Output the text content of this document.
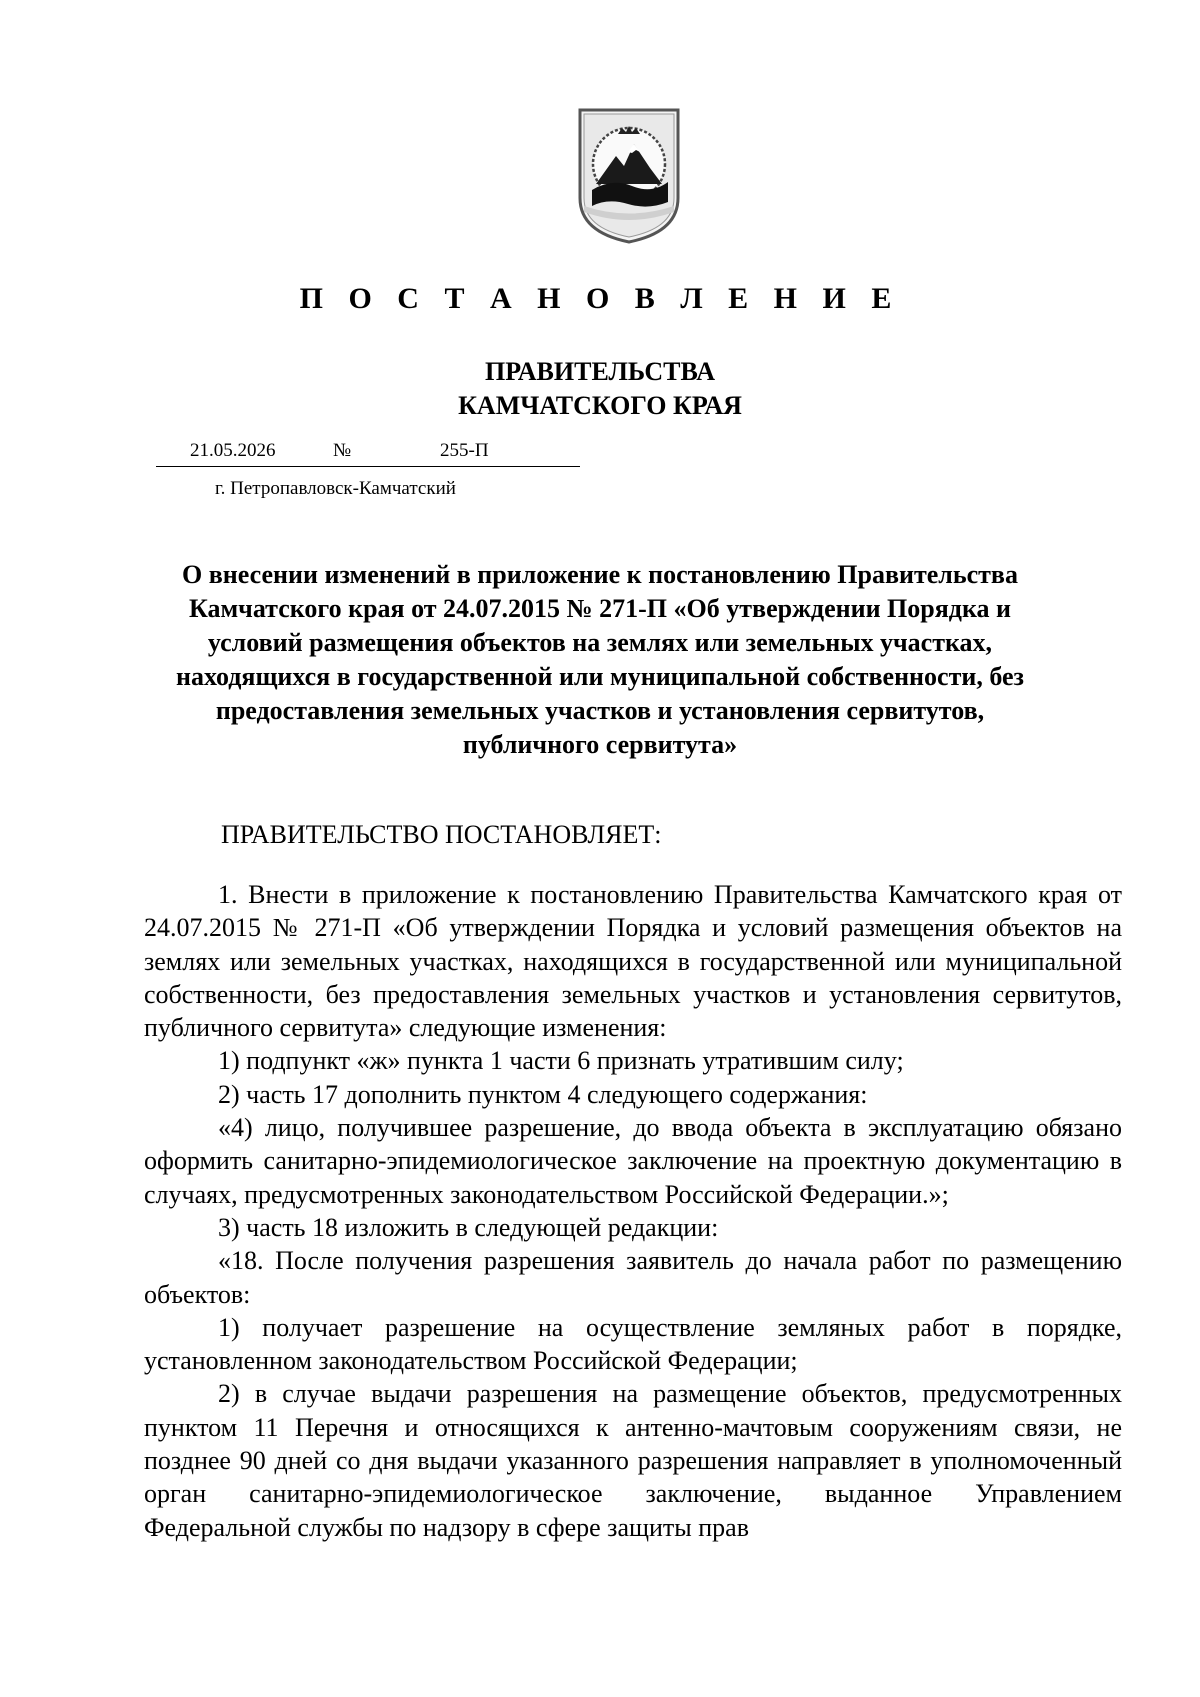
П О С Т А Н О В Л Е Н И Е
ПРАВИТЕЛЬСТВА
КАМЧАТСКОГО КРАЯ
21.05.2026	№	255-П
г. Петропавловск-Камчатский
О внесении изменений в приложение к постановлению Правительства
Камчатского края от 24.07.2015 № 271-П «Об утверждении Порядка и
условий размещения объектов на землях или земельных участках,
находящихся в государственной или муниципальной собственности, без
предоставления земельных участков и установления сервитутов,
публичного сервитута»

ПРАВИТЕЛЬСТВО ПОСТАНОВЛЯЕТ:

1. Внести в приложение к постановлению Правительства Камчатского края от 24.07.2015 № 271-П «Об утверждении Порядка и условий размещения объектов на землях или земельных участках, находящихся в государственной или муниципальной собственности, без предоставления земельных участков и установления сервитутов, публичного сервитута» следующие изменения:

1) подпункт «ж» пункта 1 части 6 признать утратившим силу;

2) часть 17 дополнить пунктом 4 следующего содержания:

«4) лицо, получившее разрешение, до ввода объекта в эксплуатацию обязано оформить санитарно-эпидемиологическое заключение на проектную документацию в случаях, предусмотренных законодательством Российской Федерации.»;

3) часть 18 изложить в следующей редакции:

«18. После получения разрешения заявитель до начала работ по размещению объектов:

1) получает разрешение на осуществление земляных работ в порядке, установленном законодательством Российской Федерации;

2) в случае выдачи разрешения на размещение объектов, предусмотренных пунктом 11 Перечня и относящихся к антенно-мачтовым сооружениям связи, не позднее 90 дней со дня выдачи указанного разрешения направляет в уполномоченный орган санитарно-эпидемиологическое заключение, выданное Управлением Федеральной службы по надзору в сфере защиты прав
